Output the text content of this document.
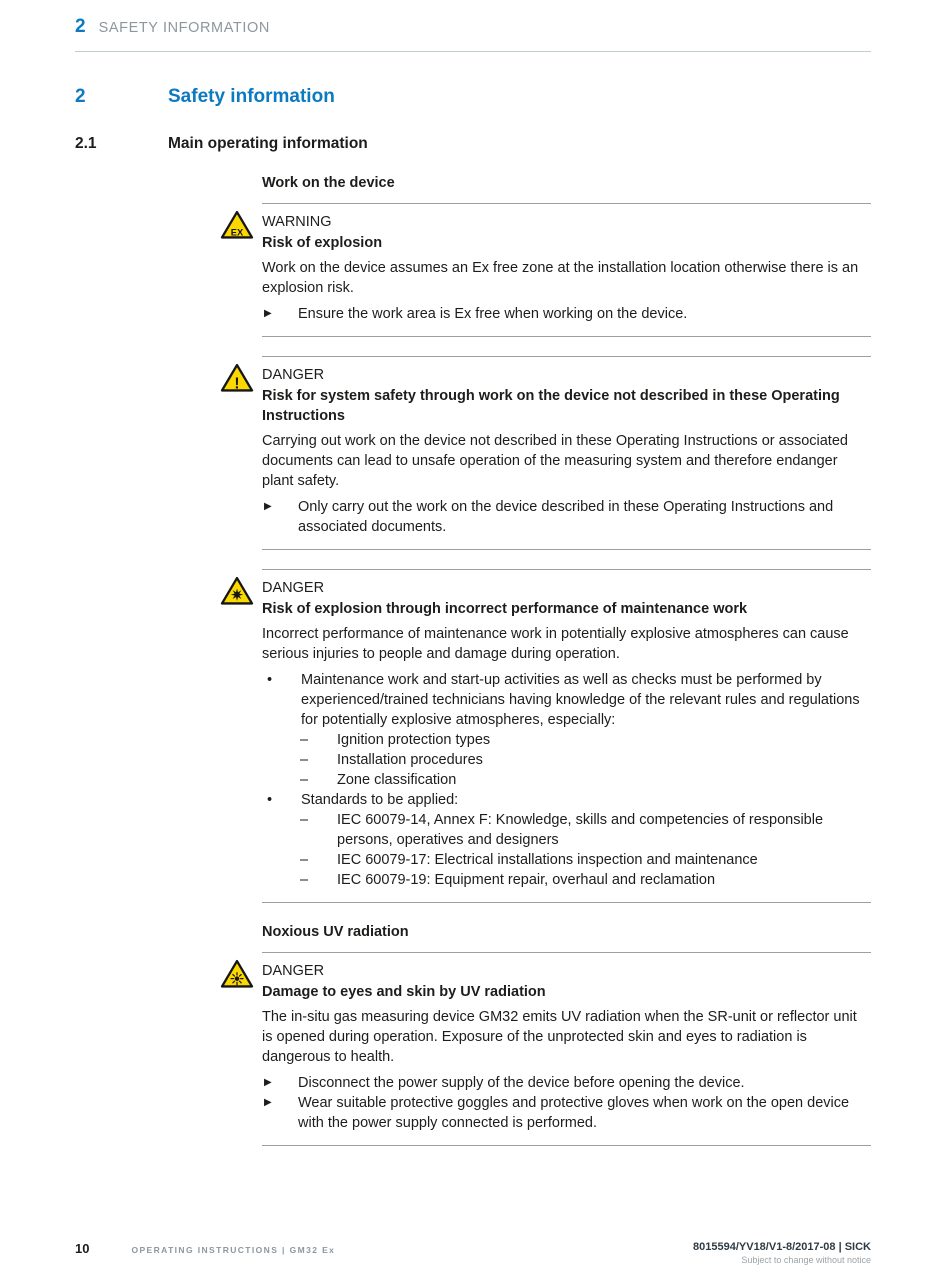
2 SAFETY INFORMATION
2	Safety information
2.1	Main operating information
Work on the device
EX
WARNING
Risk of explosion

Work on the device assumes an Ex free zone at the installation location otherwise there is an explosion risk.

▶	Ensure the work area is Ex free when working on the device.
!
DANGER
Risk for system safety through work on the device not described in these Operating Instructions

Carrying out work on the device not described in these Operating Instructions or associated documents can lead to unsafe operation of the measuring system and therefore endanger plant safety.

▶	Only carry out the work on the device described in these Operating Instructions and associated documents.
DANGER
Risk of explosion through incorrect performance of maintenance work

Incorrect performance of maintenance work in potentially explosive atmospheres can cause serious injuries to people and damage during operation.

•	Maintenance work and start-up activities as well as checks must be performed by experienced/trained technicians having knowledge of the relevant rules and regulations for potentially explosive atmospheres, especially:
–	Ignition protection types
–	Installation procedures
–	Zone classification
•	Standards to be applied:
–	IEC 60079-14, Annex F: Knowledge, skills and competencies of responsible persons, operatives and designers
–	IEC 60079-17: Electrical installations inspection and maintenance
–	IEC 60079-19: Equipment repair, overhaul and reclamation
Noxious UV radiation
DANGER
Damage to eyes and skin by UV radiation

The in-situ gas measuring device GM32 emits UV radiation when the SR-unit or reflector unit is opened during operation. Exposure of the unprotected skin and eyes to radiation is dangerous to health.

▶	Disconnect the power supply of the device before opening the device.
▶	Wear suitable protective goggles and protective gloves when work on the open device with the power supply connected is performed.
10	OPERATING INSTRUCTIONS | GM32 Ex	8015594/YV18/V1-8/2017-08 | SICK
Subject to change without notice
